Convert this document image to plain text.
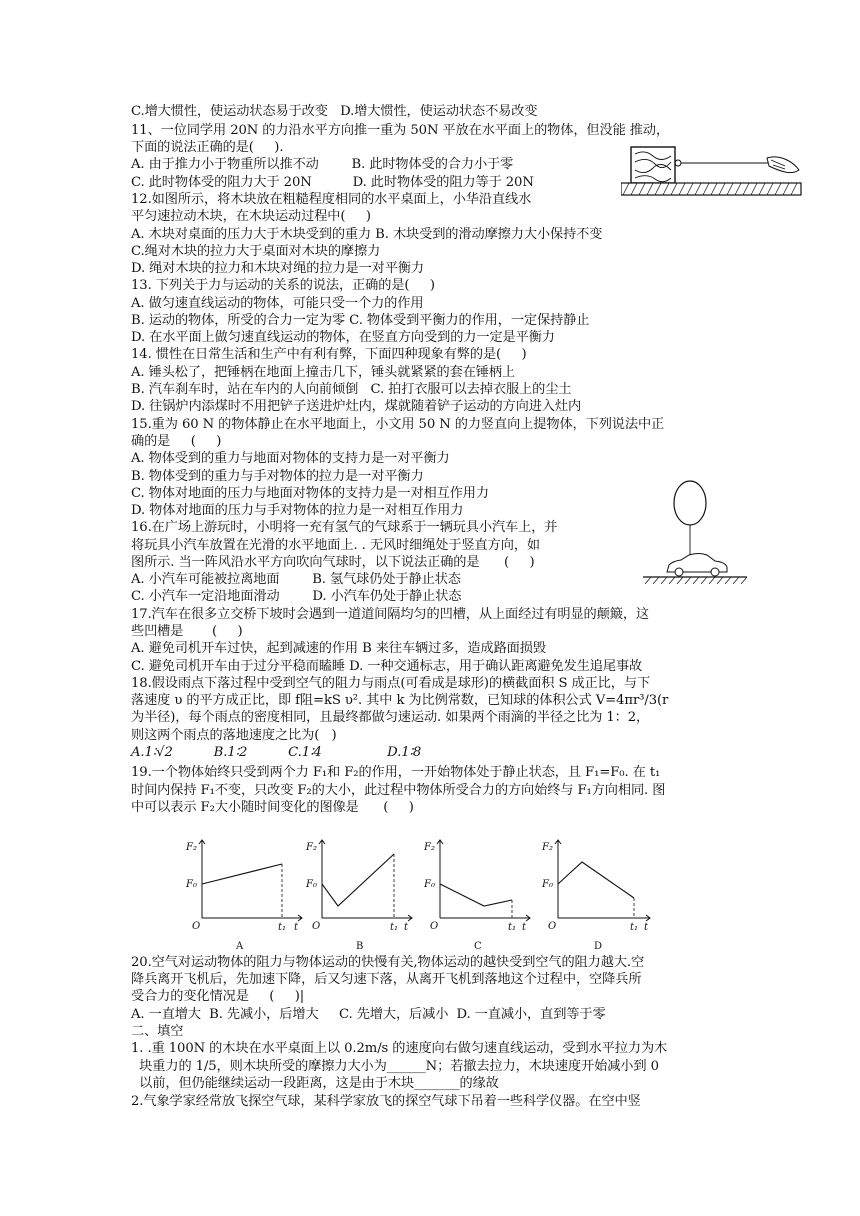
C.增大惯性，使运动状态易于改变   D.增大惯性，使运动状态不易改变
11、一位同学用 20N 的力沿水平方向推一重为 50N 平放在水平面上的物体，但没能 推动，
下面的说法正确的是(     ).
A. 由于推力小于物重所以推不动        B. 此时物体受的合力小于零
C. 此时物体受的阻力大于 20N          D. 此时物体受的阻力等于 20N
12.如图所示，将木块放在粗糙程度相同的水平桌面上，小华沿直线水
平匀速拉动木块，在木块运动过程中(     )
A. 木块对桌面的压力大于木块受到的重力 B. 木块受到的滑动摩擦力大小保持不变
C.绳对木块的拉力大于桌面对木块的摩擦力
D. 绳对木块的拉力和木块对绳的拉力是一对平衡力
13. 下列关于力与运动的关系的说法，正确的是(     )
A. 做匀速直线运动的物体，可能只受一个力的作用
B. 运动的物体，所受的合力一定为零 C. 物体受到平衡力的作用，一定保持静止
D. 在水平面上做匀速直线运动的物体，在竖直方向受到的力一定是平衡力
14. 惯性在日常生活和生产中有利有弊，下面四种现象有弊的是(     )
A. 锤头松了，把锤柄在地面上撞击几下，锤头就紧紧的套在锤柄上
B. 汽车刹车时，站在车内的人向前倾倒   C. 拍打衣服可以去掉衣服上的尘土
D. 往锅炉内添煤时不用把铲子送进炉灶内，煤就随着铲子运动的方向进入灶内
15.重为 60 N 的物体静止在水平地面上，小文用 50 N 的力竖直向上提物体，下列说法中正
确的是     (     )
A. 物体受到的重力与地面对物体的支持力是一对平衡力
B. 物体受到的重力与手对物体的拉力是一对平衡力
C. 物体对地面的压力与地面对物体的支持力是一对相互作用力
D. 物体对地面的压力与手对物体的拉力是一对相互作用力
16.在广场上游玩时，小明将一充有氢气的气球系于一辆玩具小汽车上，并
将玩具小汽车放置在光滑的水平地面上. . 无风时细绳处于竖直方向，如
图所示. 当一阵风沿水平方向吹向气球时，以下说法正确的是      (     )
A. 小汽车可能被拉离地面        B. 氢气球仍处于静止状态
C. 小汽车一定沿地面滑动        D. 小汽车仍处于静止状态
17.汽车在很多立交桥下坡时会遇到一道道间隔均匀的凹槽，从上面经过有明显的颠簸，这
些凹槽是       (     )
A. 避免司机开车过快，起到减速的作用 B 来往车辆过多，造成路面损毁
C. 避免司机开车由于过分平稳而瞌睡 D. 一种交通标志，用于确认距离避免发生追尾事故
18.假设雨点下落过程中受到空气的阻力与雨点(可看成是球形)的横截面积 S 成正比，与下
落速度 υ 的平方成正比，即 f阻=kS υ². 其中 k 为比例常数，已知球的体积公式 V=4πr³/3(r
为半径)，每个雨点的密度相同，且最终都做匀速运动. 如果两个雨滴的半径之比为 1：2，
则这两个雨点的落地速度之比为(   )
A.1∶√2          B.1∶2          C.1∶4                D.1∶8
19.一个物体始终只受到两个力 F₁和 F₂的作用，一开始物体处于静止状态，且 F₁=F₀. 在 t₁
时间内保持 F₁不变，只改变 F₂的大小，此过程中物体所受合力的方向始终与 F₁方向相同. 图
中可以表示 F₂大小随时间变化的图像是      (     )
20.空气对运动物体的阻力与物体运动的快慢有关,物体运动的越快受到空气的阻力越大.空
降兵离开飞机后，先加速下降，后又匀速下落，从离开飞机到落地这个过程中，空降兵所
受合力的变化情况是     (     )|
A. 一直增大  B. 先减小，后增大     C. 先增大，后减小  D. 一直减小，直到等于零
二、填空
1. .重 100N 的木块在水平桌面上以 0.2m/s 的速度向右做匀速直线运动，受到水平拉力为木
块重力的 1/5，则木块所受的摩擦力大小为______N；若撤去拉力，木块速度开始减小到 0
以前，但仍能继续运动一段距离，这是由于木块_______的缘故
2.气象学家经常放飞探空气球，某科学家放飞的探空气球下吊着一些科学仪器。在空中竖
F₂
F₀
O	t₁ t
A
F₂
F₀
O	t₁ t
B
F₂
F₀
O	t₁ t
C
F₂
F₀
O	t₁ t
D
